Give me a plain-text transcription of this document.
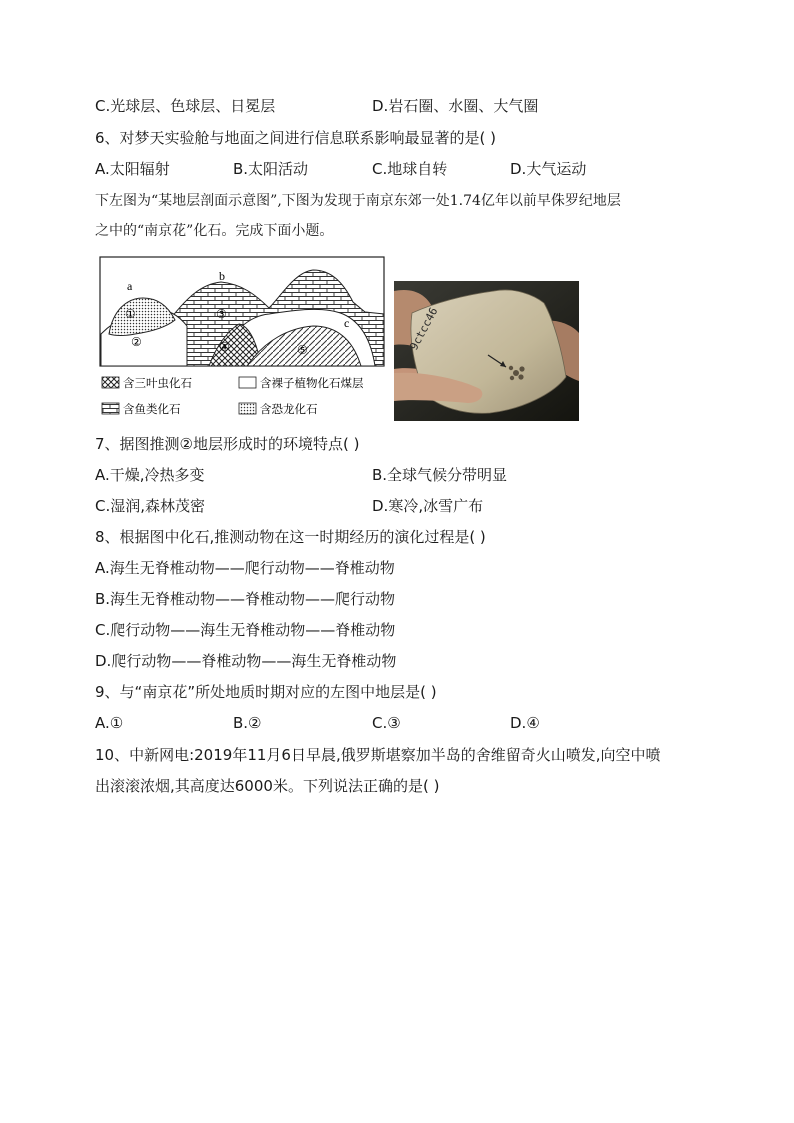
C.光球层、色球层、日冕层	D.岩石圈、水圈、大气圈
6、对梦天实验舱与地面之间进行信息联系影响最显著的是( )
A.太阳辐射	B.太阳活动	C.地球自转	D.大气运动
下左图为“某地层剖面示意图”,下图为发现于南京东郊一处1.74亿年以前早侏罗纪地层
之中的“南京花”化石。完成下面小题。
a
b
c
①
②
③
④	⑤
含三叶虫化石	含裸子植物化石煤层
含鱼类化石	含恐龙化石
9ctcc46
7、据图推测②地层形成时的环境特点( )
A.干燥,冷热多变	B.全球气候分带明显
C.湿润,森林茂密	D.寒冷,冰雪广布
8、根据图中化石,推测动物在这一时期经历的演化过程是( )
A.海生无脊椎动物——爬行动物——脊椎动物
B.海生无脊椎动物——脊椎动物——爬行动物
C.爬行动物——海生无脊椎动物——脊椎动物
D.爬行动物——脊椎动物——海生无脊椎动物
9、与“南京花”所处地质时期对应的左图中地层是( )
A.①	B.②	C.③	D.④
10、中新网电:2019年11月6日早晨,俄罗斯堪察加半岛的舍维留奇火山喷发,向空中喷
出滚滚浓烟,其高度达6000米。下列说法正确的是( )
